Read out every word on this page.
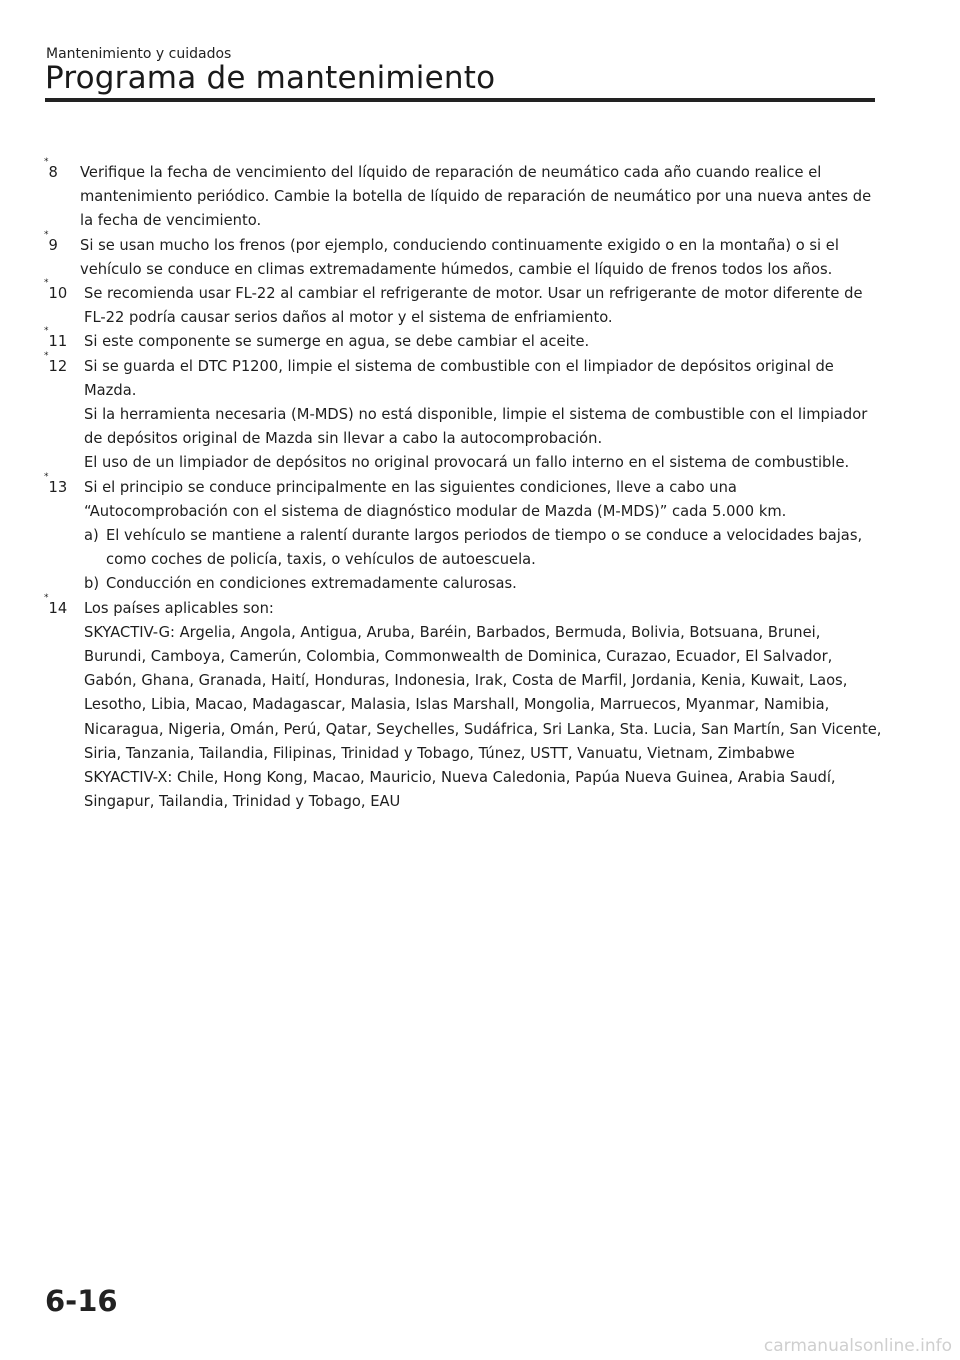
Mantenimiento y cuidados
Programa de mantenimiento
*8 Verifique la fecha de vencimiento del líquido de reparación de neumático cada año cuando realice el mantenimiento periódico. Cambie la botella de líquido de reparación de neumático por una nueva antes de la fecha de vencimiento.
*9 Si se usan mucho los frenos (por ejemplo, conduciendo continuamente exigido o en la montaña) o si el vehículo se conduce en climas extremadamente húmedos, cambie el líquido de frenos todos los años.
*10 Se recomienda usar FL-22 al cambiar el refrigerante de motor. Usar un refrigerante de motor diferente de FL-22 podría causar serios daños al motor y el sistema de enfriamiento.
*11 Si este componente se sumerge en agua, se debe cambiar el aceite.
*12 Si se guarda el DTC P1200, limpie el sistema de combustible con el limpiador de depósitos original de Mazda.
Si la herramienta necesaria (M-MDS) no está disponible, limpie el sistema de combustible con el limpiador de depósitos original de Mazda sin llevar a cabo la autocomprobación.
El uso de un limpiador de depósitos no original provocará un fallo interno en el sistema de combustible.
*13 Si el principio se conduce principalmente en las siguientes condiciones, lleve a cabo una “Autocomprobación con el sistema de diagnóstico modular de Mazda (M-MDS)” cada 5.000 km.
a) El vehículo se mantiene a ralentí durante largos periodos de tiempo o se conduce a velocidades bajas, como coches de policía, taxis, o vehículos de autoescuela.
b) Conducción en condiciones extremadamente calurosas.
*14 Los países aplicables son:
SKYACTIV-G: Argelia, Angola, Antigua, Aruba, Baréin, Barbados, Bermuda, Bolivia, Botsuana, Brunei, Burundi, Camboya, Camerún, Colombia, Commonwealth de Dominica, Curazao, Ecuador, El Salvador, Gabón, Ghana, Granada, Haití, Honduras, Indonesia, Irak, Costa de Marfil, Jordania, Kenia, Kuwait, Laos, Lesotho, Libia, Macao, Madagascar, Malasia, Islas Marshall, Mongolia, Marruecos, Myanmar, Namibia, Nicaragua, Nigeria, Omán, Perú, Qatar, Seychelles, Sudáfrica, Sri Lanka, Sta. Lucia, San Martín, San Vicente, Siria, Tanzania, Tailandia, Filipinas, Trinidad y Tobago, Túnez, USTT, Vanuatu, Vietnam, Zimbabwe
SKYACTIV-X: Chile, Hong Kong, Macao, Mauricio, Nueva Caledonia, Papúa Nueva Guinea, Arabia Saudí, Singapur, Tailandia, Trinidad y Tobago, EAU
6-16
carmanualsonline.info
